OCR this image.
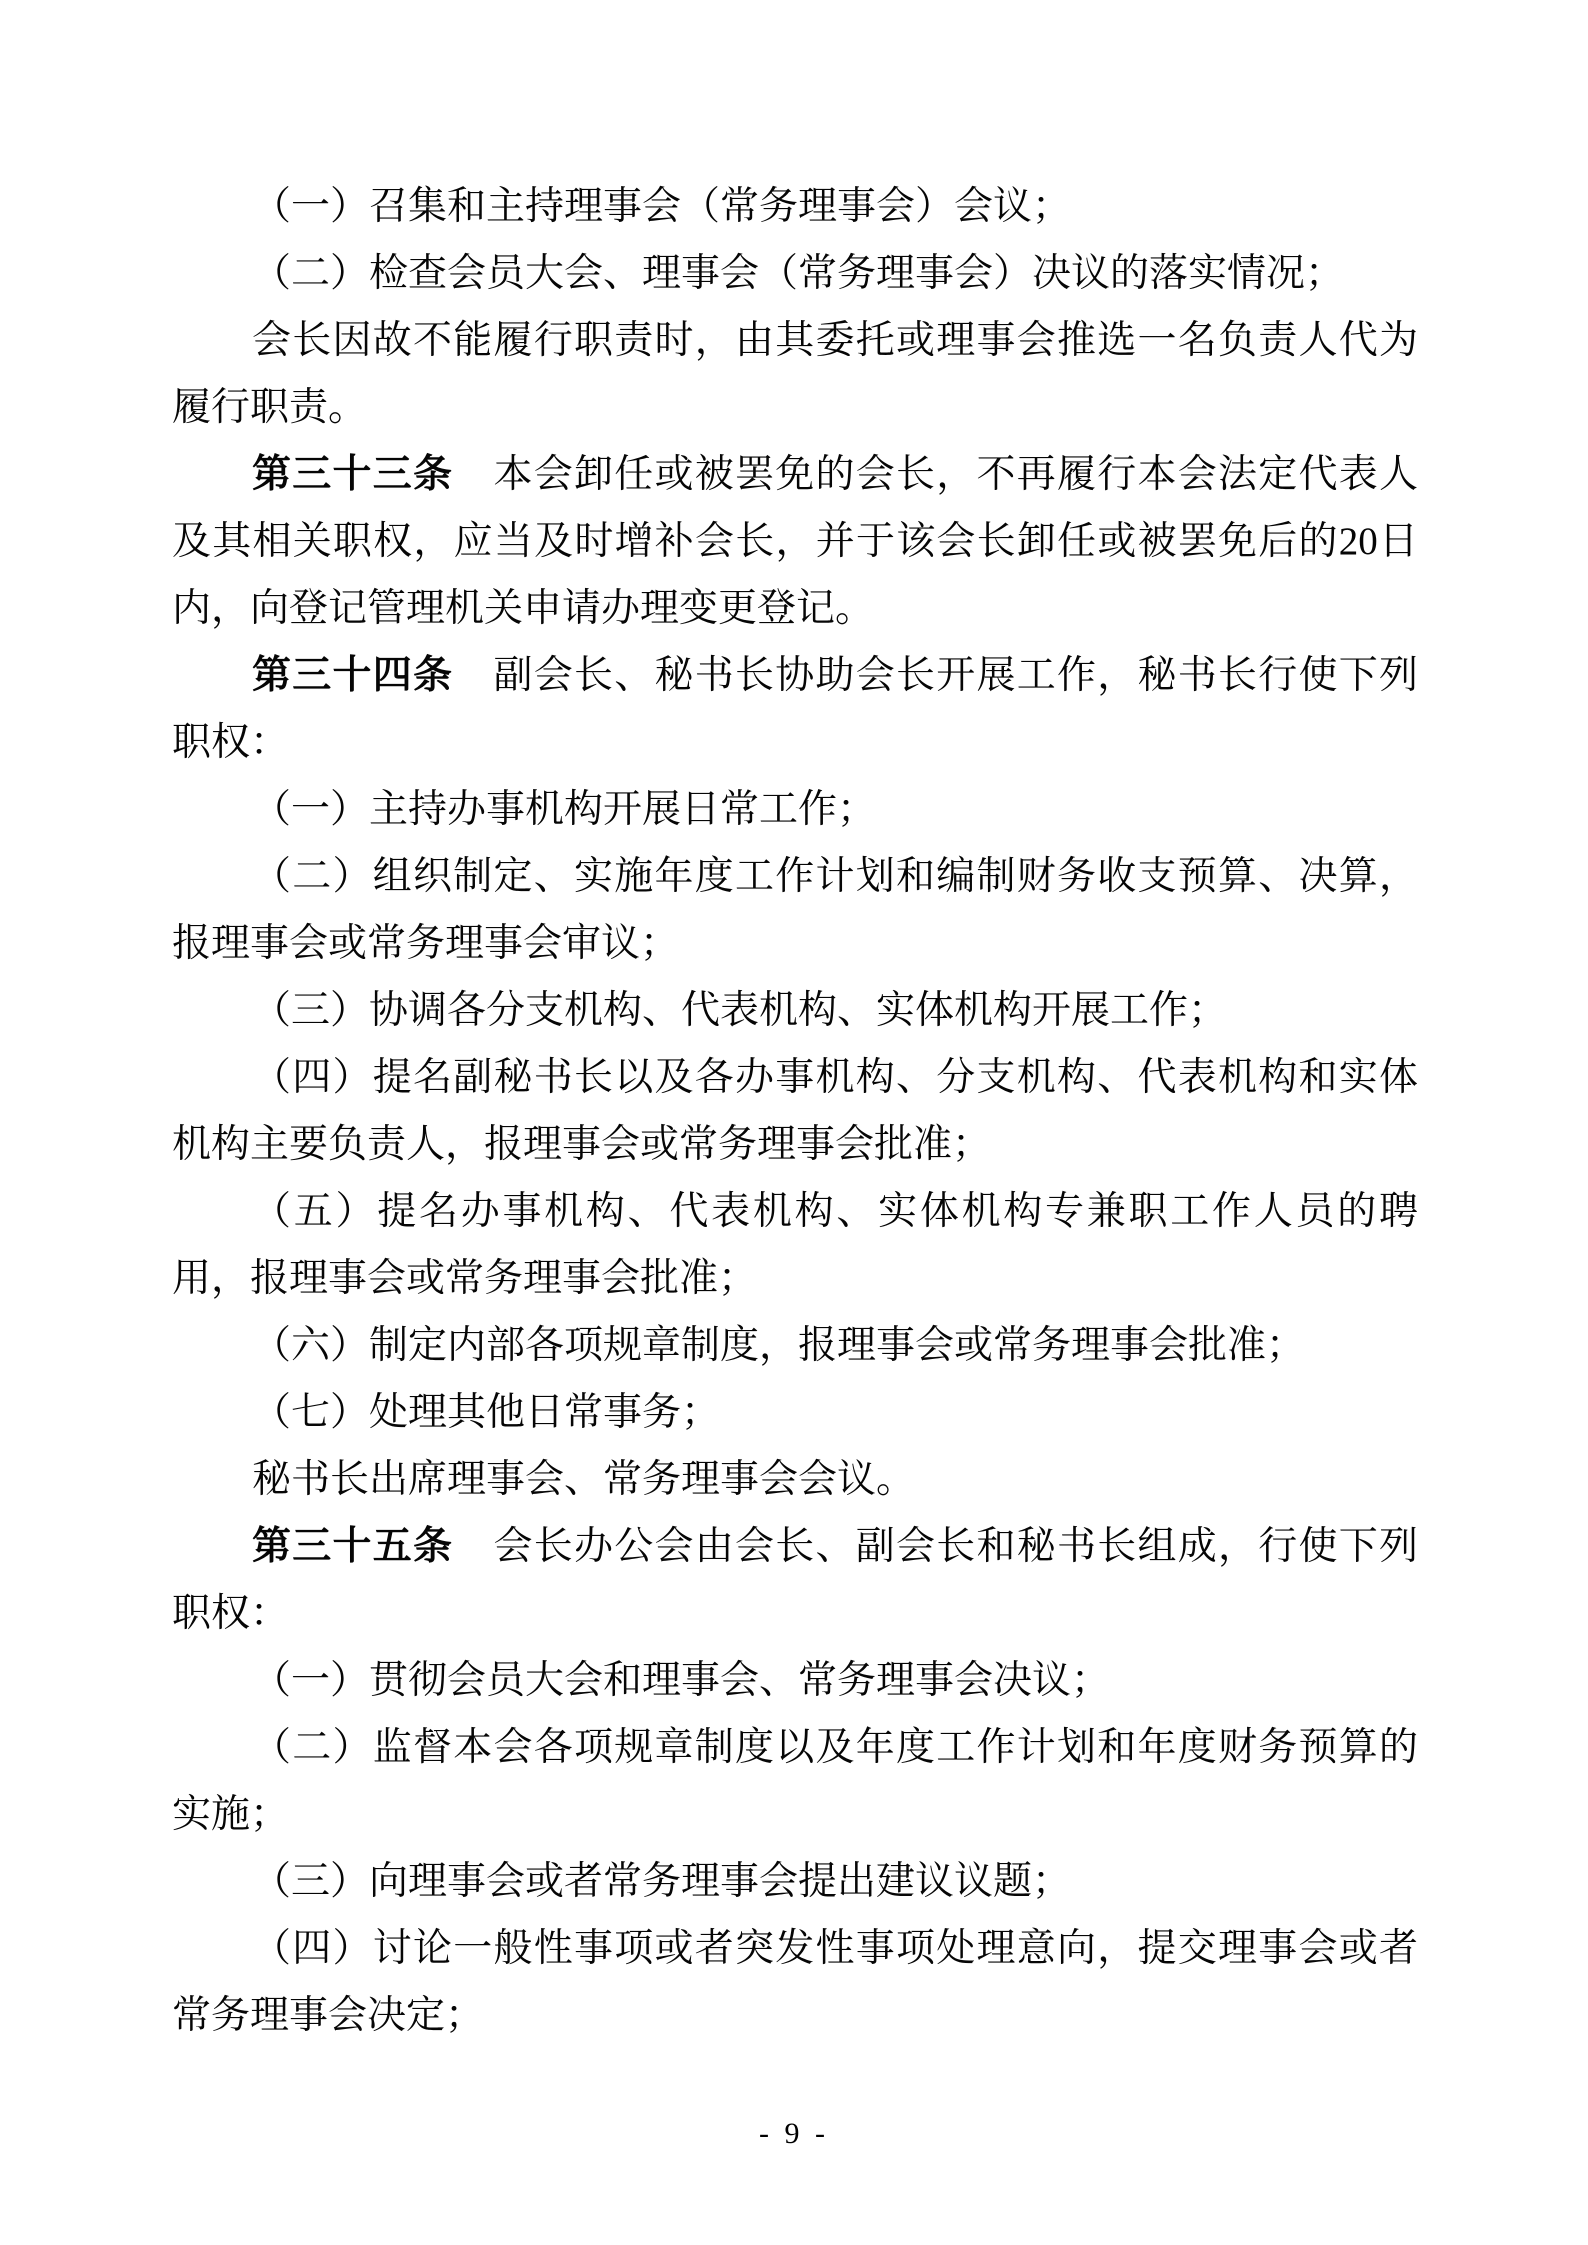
（一）召集和主持理事会（常务理事会）会议；
（二）检查会员大会、理事会（常务理事会）决议的落实情况；
会长因故不能履行职责时，由其委托或理事会推选一名负责人代为
履行职责。
第三十三条　本会卸任或被罢免的会长，不再履行本会法定代表人
及其相关职权，应当及时增补会长，并于该会长卸任或被罢免后的20日
内，向登记管理机关申请办理变更登记。
第三十四条　副会长、秘书长协助会长开展工作，秘书长行使下列
职权：
（一）主持办事机构开展日常工作；
（二）组织制定、实施年度工作计划和编制财务收支预算、决算，
报理事会或常务理事会审议；
（三）协调各分支机构、代表机构、实体机构开展工作；
（四）提名副秘书长以及各办事机构、分支机构、代表机构和实体
机构主要负责人，报理事会或常务理事会批准；
（五）提名办事机构、代表机构、实体机构专兼职工作人员的聘
用，报理事会或常务理事会批准；
（六）制定内部各项规章制度，报理事会或常务理事会批准；
（七）处理其他日常事务；
秘书长出席理事会、常务理事会会议。
第三十五条　会长办公会由会长、副会长和秘书长组成，行使下列
职权：
（一）贯彻会员大会和理事会、常务理事会决议；
（二）监督本会各项规章制度以及年度工作计划和年度财务预算的
实施；
（三）向理事会或者常务理事会提出建议议题；
（四）讨论一般性事项或者突发性事项处理意向，提交理事会或者
常务理事会决定；
- 9 -
